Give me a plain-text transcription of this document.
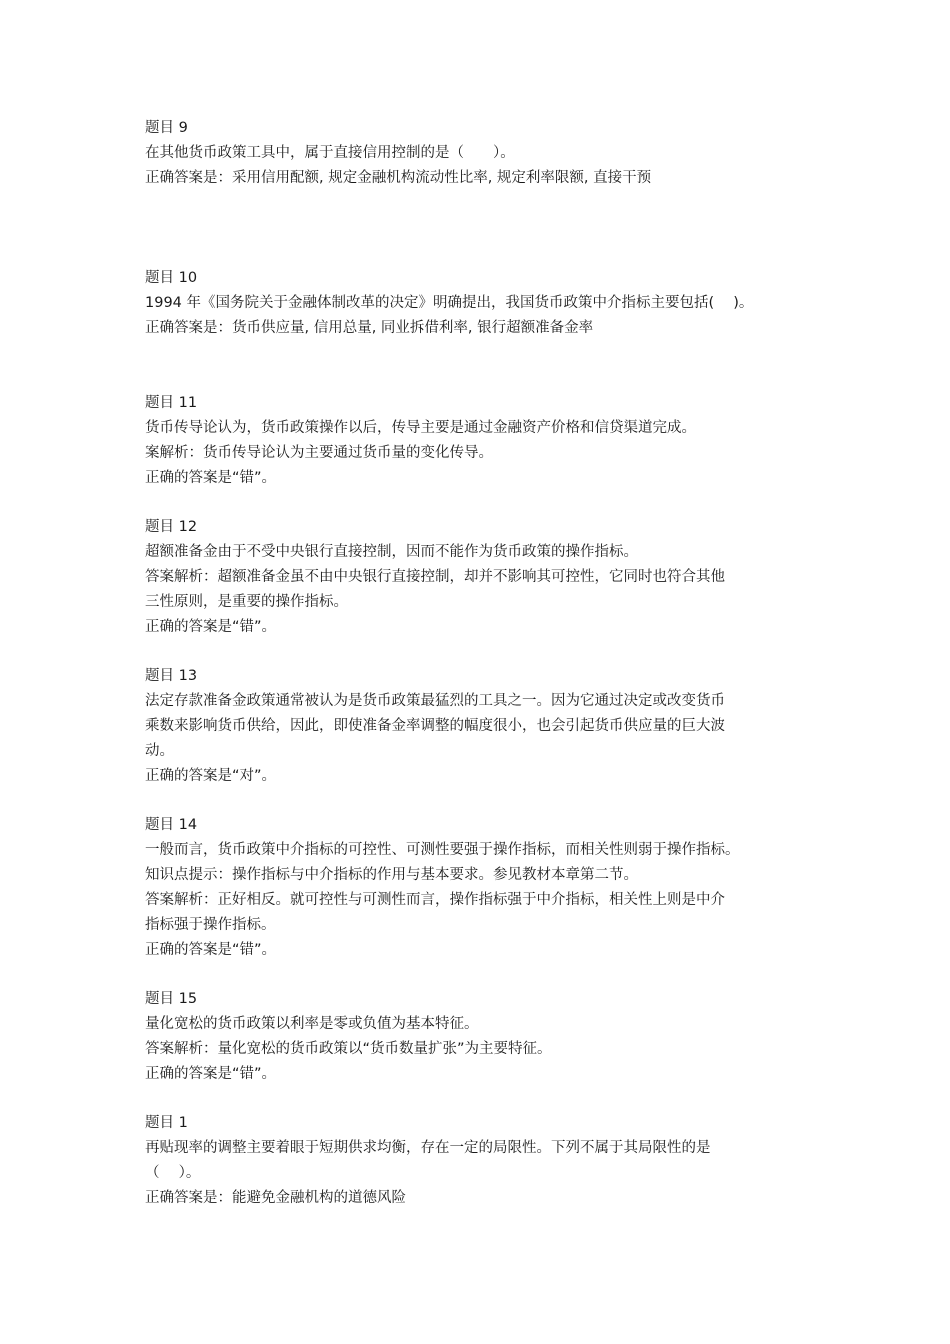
题目 9
在其他货币政策工具中，属于直接信用控制的是（　　）。
正确答案是：采用信用配额, 规定金融机构流动性比率, 规定利率限额, 直接干预
题目 10
1994 年《国务院关于金融体制改革的决定》明确提出，我国货币政策中介指标主要包括(　 )。
正确答案是：货币供应量, 信用总量, 同业拆借利率, 银行超额准备金率
题目 11
货币传导论认为，货币政策操作以后，传导主要是通过金融资产价格和信贷渠道完成。
案解析：货币传导论认为主要通过货币量的变化传导。
正确的答案是“错”。
题目 12
超额准备金由于不受中央银行直接控制，因而不能作为货币政策的操作指标。
答案解析：超额准备金虽不由中央银行直接控制，却并不影响其可控性，它同时也符合其他
三性原则，是重要的操作指标。
正确的答案是“错”。
题目 13
法定存款准备金政策通常被认为是货币政策最猛烈的工具之一。因为它通过决定或改变货币
乘数来影响货币供给，因此，即使准备金率调整的幅度很小，也会引起货币供应量的巨大波
动。
正确的答案是“对”。
题目 14
一般而言，货币政策中介指标的可控性、可测性要强于操作指标，而相关性则弱于操作指标。
知识点提示：操作指标与中介指标的作用与基本要求。参见教材本章第二节。
答案解析：正好相反。就可控性与可测性而言，操作指标强于中介指标，相关性上则是中介
指标强于操作指标。
正确的答案是“错”。
题目 15
量化宽松的货币政策以利率是零或负值为基本特征。
答案解析：量化宽松的货币政策以“货币数量扩张”为主要特征。
正确的答案是“错”。
题目 1
再贴现率的调整主要着眼于短期供求均衡，存在一定的局限性。下列不属于其局限性的是
（　 ）。
正确答案是：能避免金融机构的道德风险
